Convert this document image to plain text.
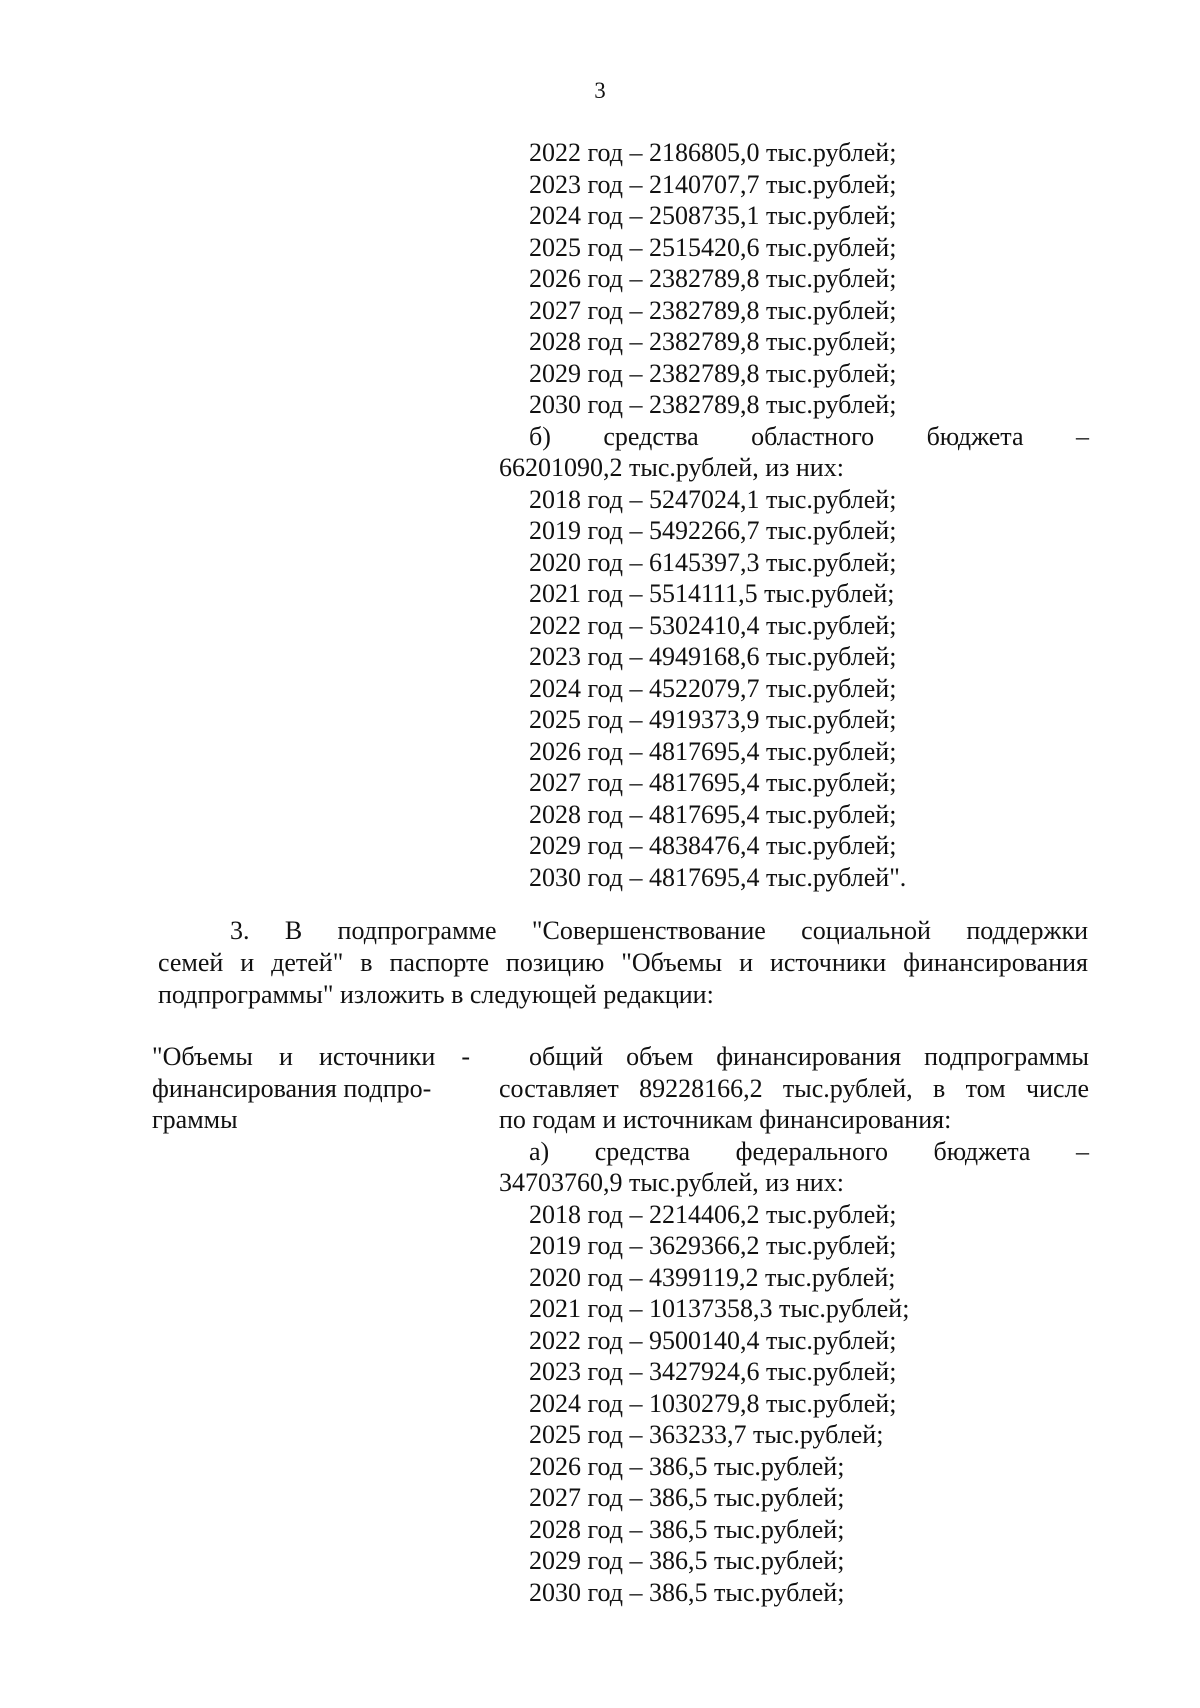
3
2022 год – 2186805,0 тыс.рублей;
2023 год – 2140707,7 тыс.рублей;
2024 год – 2508735,1 тыс.рублей;
2025 год – 2515420,6 тыс.рублей;
2026 год – 2382789,8 тыс.рублей;
2027 год – 2382789,8 тыс.рублей;
2028 год – 2382789,8 тыс.рублей;
2029 год – 2382789,8 тыс.рублей;
2030 год – 2382789,8 тыс.рублей;
б) средства областного бюджета –
66201090,2 тыс.рублей, из них:
2018 год – 5247024,1 тыс.рублей;
2019 год – 5492266,7 тыс.рублей;
2020 год – 6145397,3 тыс.рублей;
2021 год – 5514111,5 тыс.рублей;
2022 год – 5302410,4 тыс.рублей;
2023 год – 4949168,6 тыс.рублей;
2024 год – 4522079,7 тыс.рублей;
2025 год – 4919373,9 тыс.рублей;
2026 год – 4817695,4 тыс.рублей;
2027 год – 4817695,4 тыс.рублей;
2028 год – 4817695,4 тыс.рублей;
2029 год – 4838476,4 тыс.рублей;
2030 год – 4817695,4 тыс.рублей".
3. В подпрограмме "Совершенствование социальной поддержки
семей и детей" в паспорте позицию "Объемы и источники финансирования
подпрограммы" изложить в следующей редакции:
"Объемы и источники -
финансирования подпро-
граммы
общий объем финансирования подпрограммы
составляет 89228166,2 тыс.рублей, в том числе
по годам и источникам финансирования:
а) средства федерального бюджета –
34703760,9 тыс.рублей, из них:
2018 год – 2214406,2 тыс.рублей;
2019 год – 3629366,2 тыс.рублей;
2020 год – 4399119,2 тыс.рублей;
2021 год – 10137358,3 тыс.рублей;
2022 год – 9500140,4 тыс.рублей;
2023 год – 3427924,6 тыс.рублей;
2024 год – 1030279,8 тыс.рублей;
2025 год – 363233,7 тыс.рублей;
2026 год – 386,5 тыс.рублей;
2027 год – 386,5 тыс.рублей;
2028 год – 386,5 тыс.рублей;
2029 год – 386,5 тыс.рублей;
2030 год – 386,5 тыс.рублей;
